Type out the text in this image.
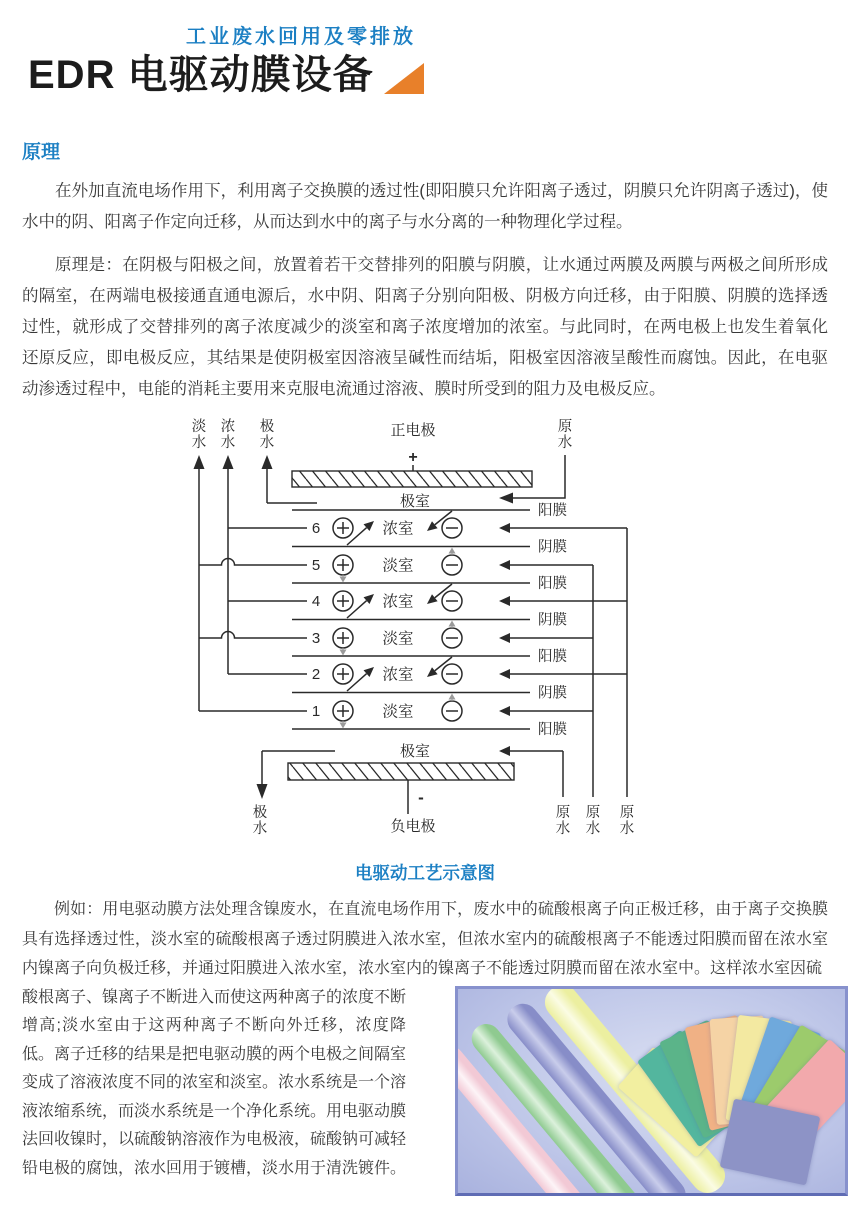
工业废水回用及零排放
EDR 电驱动膜设备
原理

在外加直流电场作用下，利用离子交换膜的透过性(即阳膜只允许阳离子透过，阴膜只允许阴离子透过)，使水中的阴、阳离子作定向迁移，从而达到水中的离子与水分离的一种物理化学过程。

原理是：在阴极与阳极之间，放置着若干交替排列的阳膜与阴膜，让水通过两膜及两膜与两极之间所形成的隔室，在两端电极接通直通电源后，水中阴、阳离子分别向阳极、阴极方向迁移，由于阳膜、阴膜的选择透过性，就形成了交替排列的离子浓度减少的淡室和离子浓度增加的浓室。与此同时，在两电极上也发生着氧化还原反应，即电极反应，其结果是使阴极室因溶液呈碱性而结垢，阳极室因溶液呈酸性而腐蚀。因此，在电驱动渗透过程中，电能的消耗主要用来克服电流通过溶液、膜时所受到的阻力及电极反应。

淡
水
浓
水
极
水
正电极
+
原
水
极室
阳膜
阴膜
阳膜
阴膜
阳膜
阴膜
阳膜
6	浓室
5	淡室
4	浓室
3	淡室
2	浓室
1	淡室
极室
极
水
-
负电极
原
水
原
水
原
水
电驱动工艺示意图

例如：用电驱动膜方法处理含镍废水，在直流电场作用下，废水中的硫酸根离子向正极迁移，由于离子交换膜具有选择透过性，淡水室的硫酸根离子透过阴膜进入浓水室，但浓水室内的硫酸根离子不能透过阳膜而留在浓水室内镍离子向负极迁移，并通过阳膜进入浓水室，浓水室内的镍离子不能透过阴膜而留在浓水室中。这样浓水室因硫

酸根离子、镍离子不断进入而使这两种离子的浓度不断增高;淡水室由于这两种离子不断向外迁移，浓度降低。离子迁移的结果是把电驱动膜的两个电极之间隔室变成了溶液浓度不同的浓室和淡室。浓水系统是一个溶液浓缩系统，而淡水系统是一个净化系统。用电驱动膜法回收镍时，以硫酸钠溶液作为电极液，硫酸钠可减轻铅电极的腐蚀，浓水回用于镀槽，淡水用于清洗镀件。
